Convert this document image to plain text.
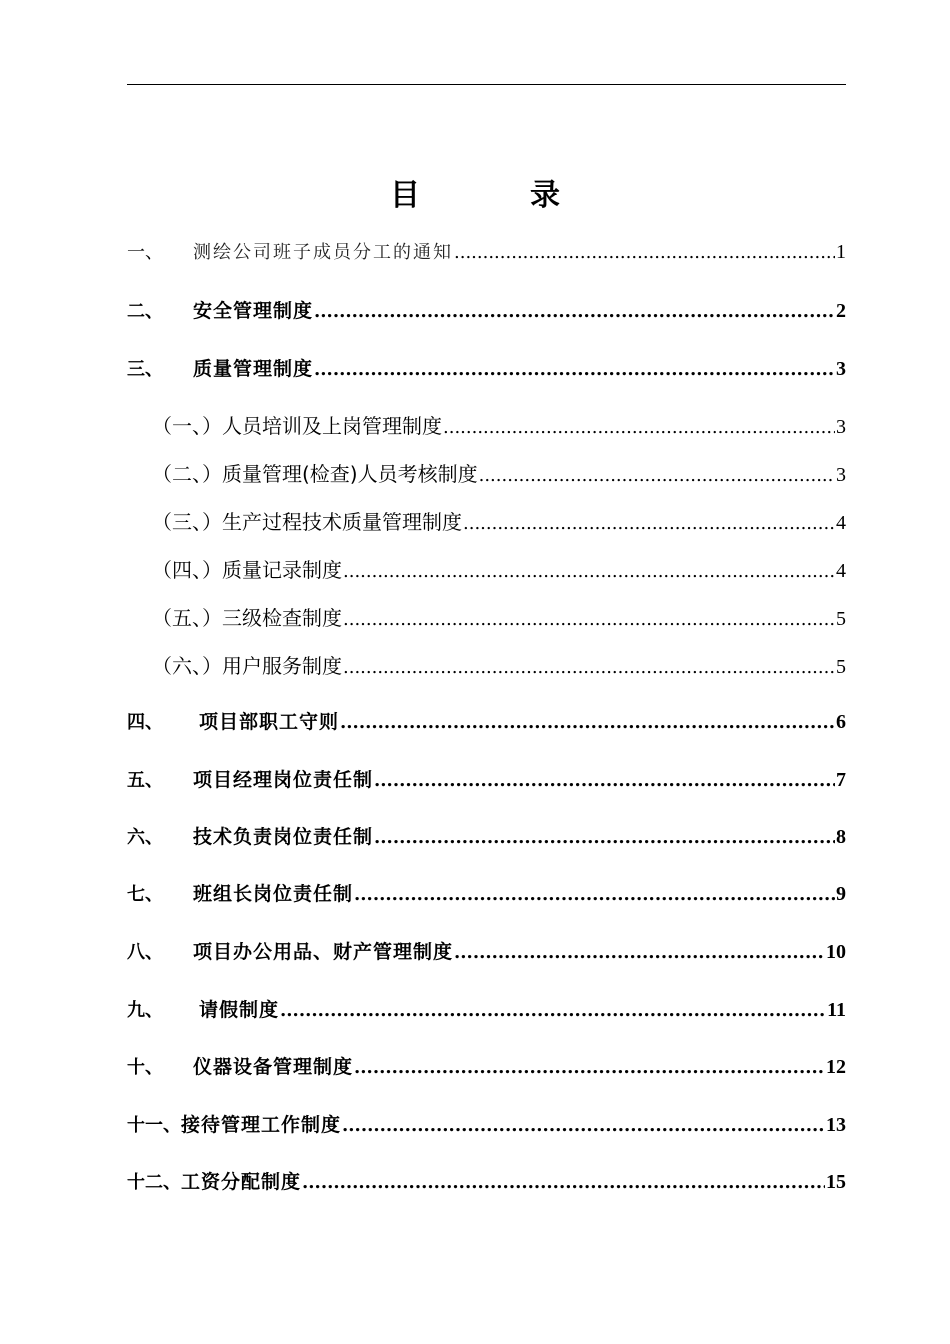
目　录
一、	测绘公司班子成员分工的通知 .....	1
二、	安全管理制度 .....	2
三、	质量管理制度 .....	3
（一、）人员培训及上岗管理制度 .....	3
（二、）质量管理(检查)人员考核制度 .....	3
（三、）生产过程技术质量管理制度 .....	4
（四、）质量记录制度 .....	4
（五、）三级检查制度 .....	5
（六、）用户服务制度 .....	5
四、	项目部职工守则 .....	6
五、	项目经理岗位责任制 .....	7
六、	技术负责岗位责任制 .....	8
七、	班组长岗位责任制 .....	9
八、	项目办公用品、财产管理制度 .....	10
九、	请假制度 .....	11
十、	仪器设备管理制度 .....	12
十一、 接待管理工作制度 .....	13
十二、 工资分配制度 .....	15
